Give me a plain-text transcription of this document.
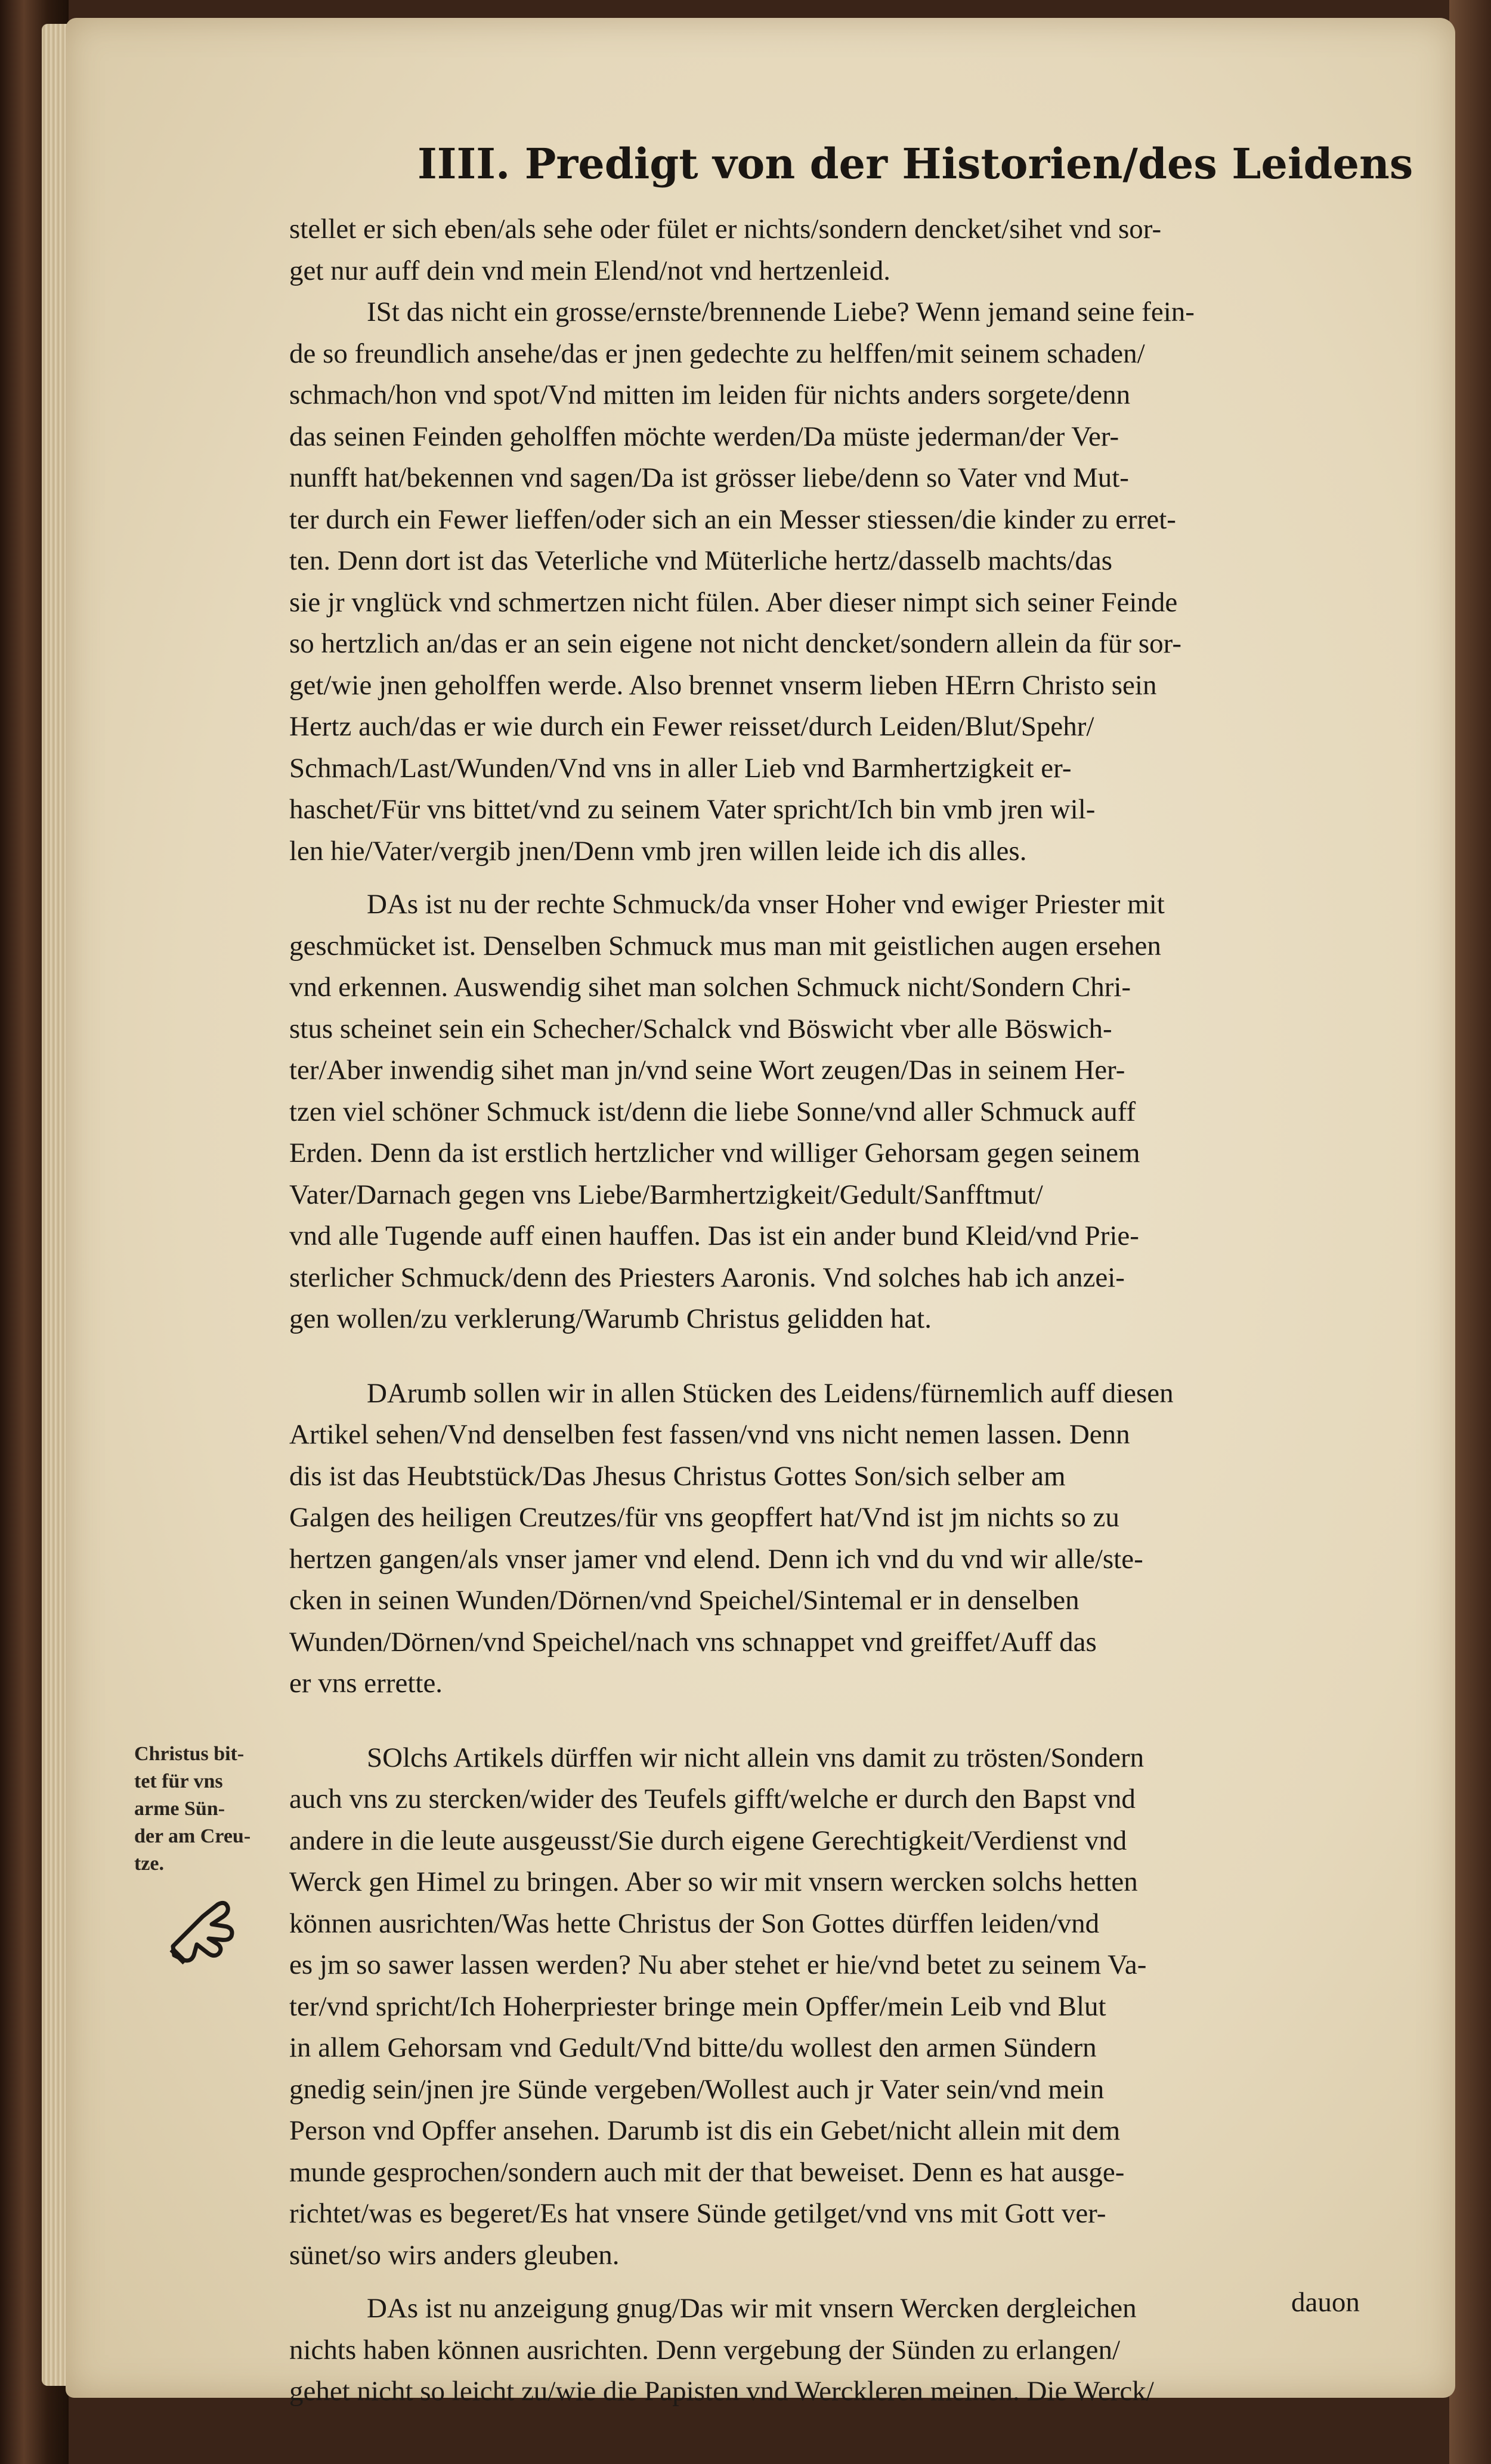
IIII. Predigt von der Historien/des Leidens
stellet er sich eben/als sehe oder fület er nichts/sondern dencket/sihet vnd sor-
get nur auff dein vnd mein Elend/not vnd hertzenleid.
ISt das nicht ein grosse/ernste/brennende Liebe? Wenn jemand seine fein-
de so freundlich ansehe/das er jnen gedechte zu helffen/mit seinem schaden/
schmach/hon vnd spot/Vnd mitten im leiden für nichts anders sorgete/denn
das seinen Feinden geholffen möchte werden/Da müste jederman/der Ver-
nunfft hat/bekennen vnd sagen/Da ist grösser liebe/denn so Vater vnd Mut-
ter durch ein Fewer lieffen/oder sich an ein Messer stiessen/die kinder zu erret-
ten. Denn dort ist das Veterliche vnd Müterliche hertz/dasselb machts/das
sie jr vnglück vnd schmertzen nicht fülen. Aber dieser nimpt sich seiner Feinde
so hertzlich an/das er an sein eigene not nicht dencket/sondern allein da für sor-
get/wie jnen geholffen werde. Also brennet vnserm lieben HErrn Christo sein
Hertz auch/das er wie durch ein Fewer reisset/durch Leiden/Blut/Spehr/
Schmach/Last/Wunden/Vnd vns in aller Lieb vnd Barmhertzigkeit er-
haschet/Für vns bittet/vnd zu seinem Vater spricht/Ich bin vmb jren wil-
len hie/Vater/vergib jnen/Denn vmb jren willen leide ich dis alles.
DAs ist nu der rechte Schmuck/da vnser Hoher vnd ewiger Priester mit
geschmücket ist. Denselben Schmuck mus man mit geistlichen augen ersehen
vnd erkennen. Auswendig sihet man solchen Schmuck nicht/Sondern Chri-
stus scheinet sein ein Schecher/Schalck vnd Böswicht vber alle Böswich-
ter/Aber inwendig sihet man jn/vnd seine Wort zeugen/Das in seinem Her-
tzen viel schöner Schmuck ist/denn die liebe Sonne/vnd aller Schmuck auff
Erden. Denn da ist erstlich hertzlicher vnd williger Gehorsam gegen seinem
Vater/Darnach gegen vns Liebe/Barmhertzigkeit/Gedult/Sanfftmut/
vnd alle Tugende auff einen hauffen. Das ist ein ander bund Kleid/vnd Prie-
sterlicher Schmuck/denn des Priesters Aaronis. Vnd solches hab ich anzei-
gen wollen/zu verklerung/Warumb Christus gelidden hat.
DArumb sollen wir in allen Stücken des Leidens/fürnemlich auff diesen
Artikel sehen/Vnd denselben fest fassen/vnd vns nicht nemen lassen. Denn
dis ist das Heubtstück/Das Jhesus Christus Gottes Son/sich selber am
Galgen des heiligen Creutzes/für vns geopffert hat/Vnd ist jm nichts so zu
hertzen gangen/als vnser jamer vnd elend. Denn ich vnd du vnd wir alle/ste-
cken in seinen Wunden/Dörnen/vnd Speichel/Sintemal er in denselben
Wunden/Dörnen/vnd Speichel/nach vns schnappet vnd greiffet/Auff das
er vns errette.
SOlchs Artikels dürffen wir nicht allein vns damit zu trösten/Sondern
auch vns zu stercken/wider des Teufels gifft/welche er durch den Bapst vnd
andere in die leute ausgeusst/Sie durch eigene Gerechtigkeit/Verdienst vnd
Werck gen Himel zu bringen. Aber so wir mit vnsern wercken solchs hetten
können ausrichten/Was hette Christus der Son Gottes dürffen leiden/vnd
es jm so sawer lassen werden? Nu aber stehet er hie/vnd betet zu seinem Va-
ter/vnd spricht/Ich Hoherpriester bringe mein Opffer/mein Leib vnd Blut
in allem Gehorsam vnd Gedult/Vnd bitte/du wollest den armen Sündern
gnedig sein/jnen jre Sünde vergeben/Wollest auch jr Vater sein/vnd mein
Person vnd Opffer ansehen. Darumb ist dis ein Gebet/nicht allein mit dem
munde gesprochen/sondern auch mit der that beweiset. Denn es hat ausge-
richtet/was es begeret/Es hat vnsere Sünde getilget/vnd vns mit Gott ver-
sünet/so wirs anders gleuben.
DAs ist nu anzeigung gnug/Das wir mit vnsern Wercken dergleichen
nichts haben können ausrichten. Denn vergebung der Sünden zu erlangen/
gehet nicht so leicht zu/wie die Papisten vnd Werckleren meinen. Die Werck/
dauon
Christus bit-
tet für vns
arme Sün-
der am Creu-
tze.
